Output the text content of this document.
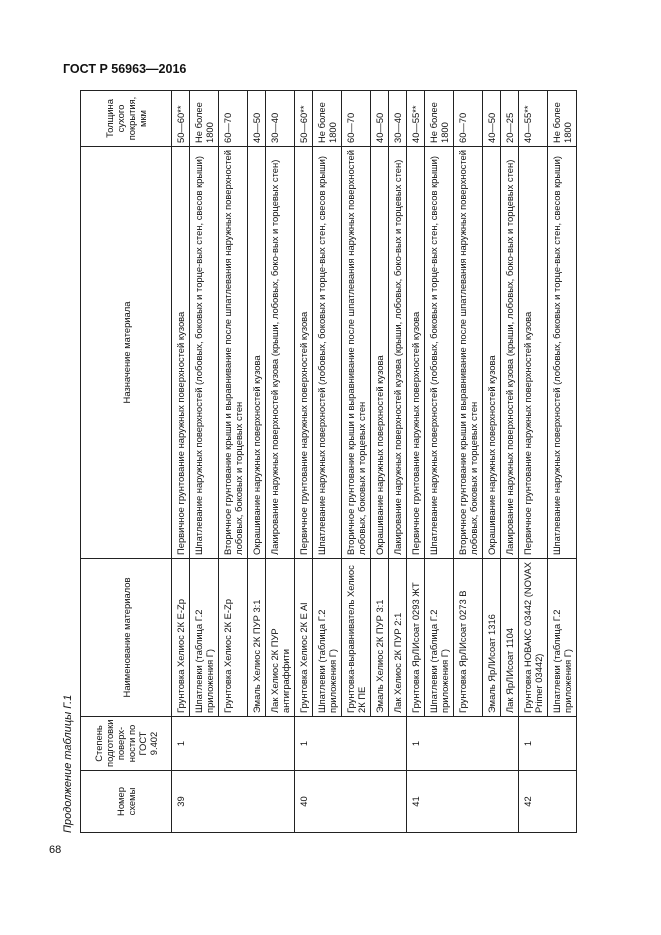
ГОСТ Р 56963—2016
68
Продолжение таблицы Г.1	Номер схемы	Степень подготовки поверх-ности по ГОСТ 9.402	Наименование материалов	Назначение материала	Толщина сухого покрытия, мкм
39	1	Грунтовка Хелиос 2К E-Zp	Первичное грунтование наружных поверхностей кузова	50—60**
		Шпатлевки (таблица Г.2 приложения Г)	Шпатлевание наружных поверхностей (лобовых, боковых и торце-вых стен, свесов крыши)	Не более 1800
		Грунтовка Хелиос 2К E-Zp	Вторичное грунтование крыши и выравнивание после шпатлевания наружных поверхностей лобовых, боковых и торцевых стен	60—70
		Эмаль Хелиос 2К ПУР 3:1	Окрашивание наружных поверхностей кузова	40—50
		Лак Хелиос 2К ПУР антиграффити	Лакирование наружных поверхностей кузова (крыши, лобовых, боко-вых и торцевых стен)	30—40
40	1	Грунтовка Хелиос 2К E Al	Первичное грунтование наружных поверхностей кузова	50—60**
		Шпатлевки (таблица Г.2 приложения Г)	Шпатлевание наружных поверхностей (лобовых, боковых и торце-вых стен, свесов крыши)	Не более 1800
		Грунтовка-выравниватель Хелиос 2К ПЕ	Вторичное грунтование крыши и выравнивание после шпатлевания наружных поверхностей лобовых, боковых и торцевых стен	60—70
		Эмаль Хелиос 2К ПУР 3:1	Окрашивание наружных поверхностей кузова	40—50
		Лак Хелиос 2К ПУР 2:1	Лакирование наружных поверхностей кузова (крыши, лобовых, боко-вых и торцевых стен)	30—40
41	1	Грунтовка ЯрЛИсоат 0293 ЖТ	Первичное грунтование наружных поверхностей кузова	40—55**
		Шпатлевки (таблица Г.2 приложения Г)	Шпатлевание наружных поверхностей (лобовых, боковых и торце-вых стен, свесов крыши)	Не более 1800
		Грунтовка ЯрЛИсоат 0273 В	Вторичное грунтование крыши и выравнивание после шпатлевания наружных поверхностей лобовых, боковых и торцевых стен	60—70
		Эмаль ЯрЛИсоат 1316	Окрашивание наружных поверхностей кузова	40—50
		Лак ЯрЛИсоат 1104	Лакирование наружных поверхностей кузова (крыши, лобовых, боко-вых и торцевых стен)	20—25
42	1	Грунтовка НОВАКС 03442 (NOVAX Primer 03442)	Первичное грунтование наружных поверхностей кузова	40—55**
		Шпатлевки (таблица Г.2 приложения Г)	Шпатлевание наружных поверхностей (лобовых, боковых и торце-вых стен, свесов крыши)	Не более 1800
